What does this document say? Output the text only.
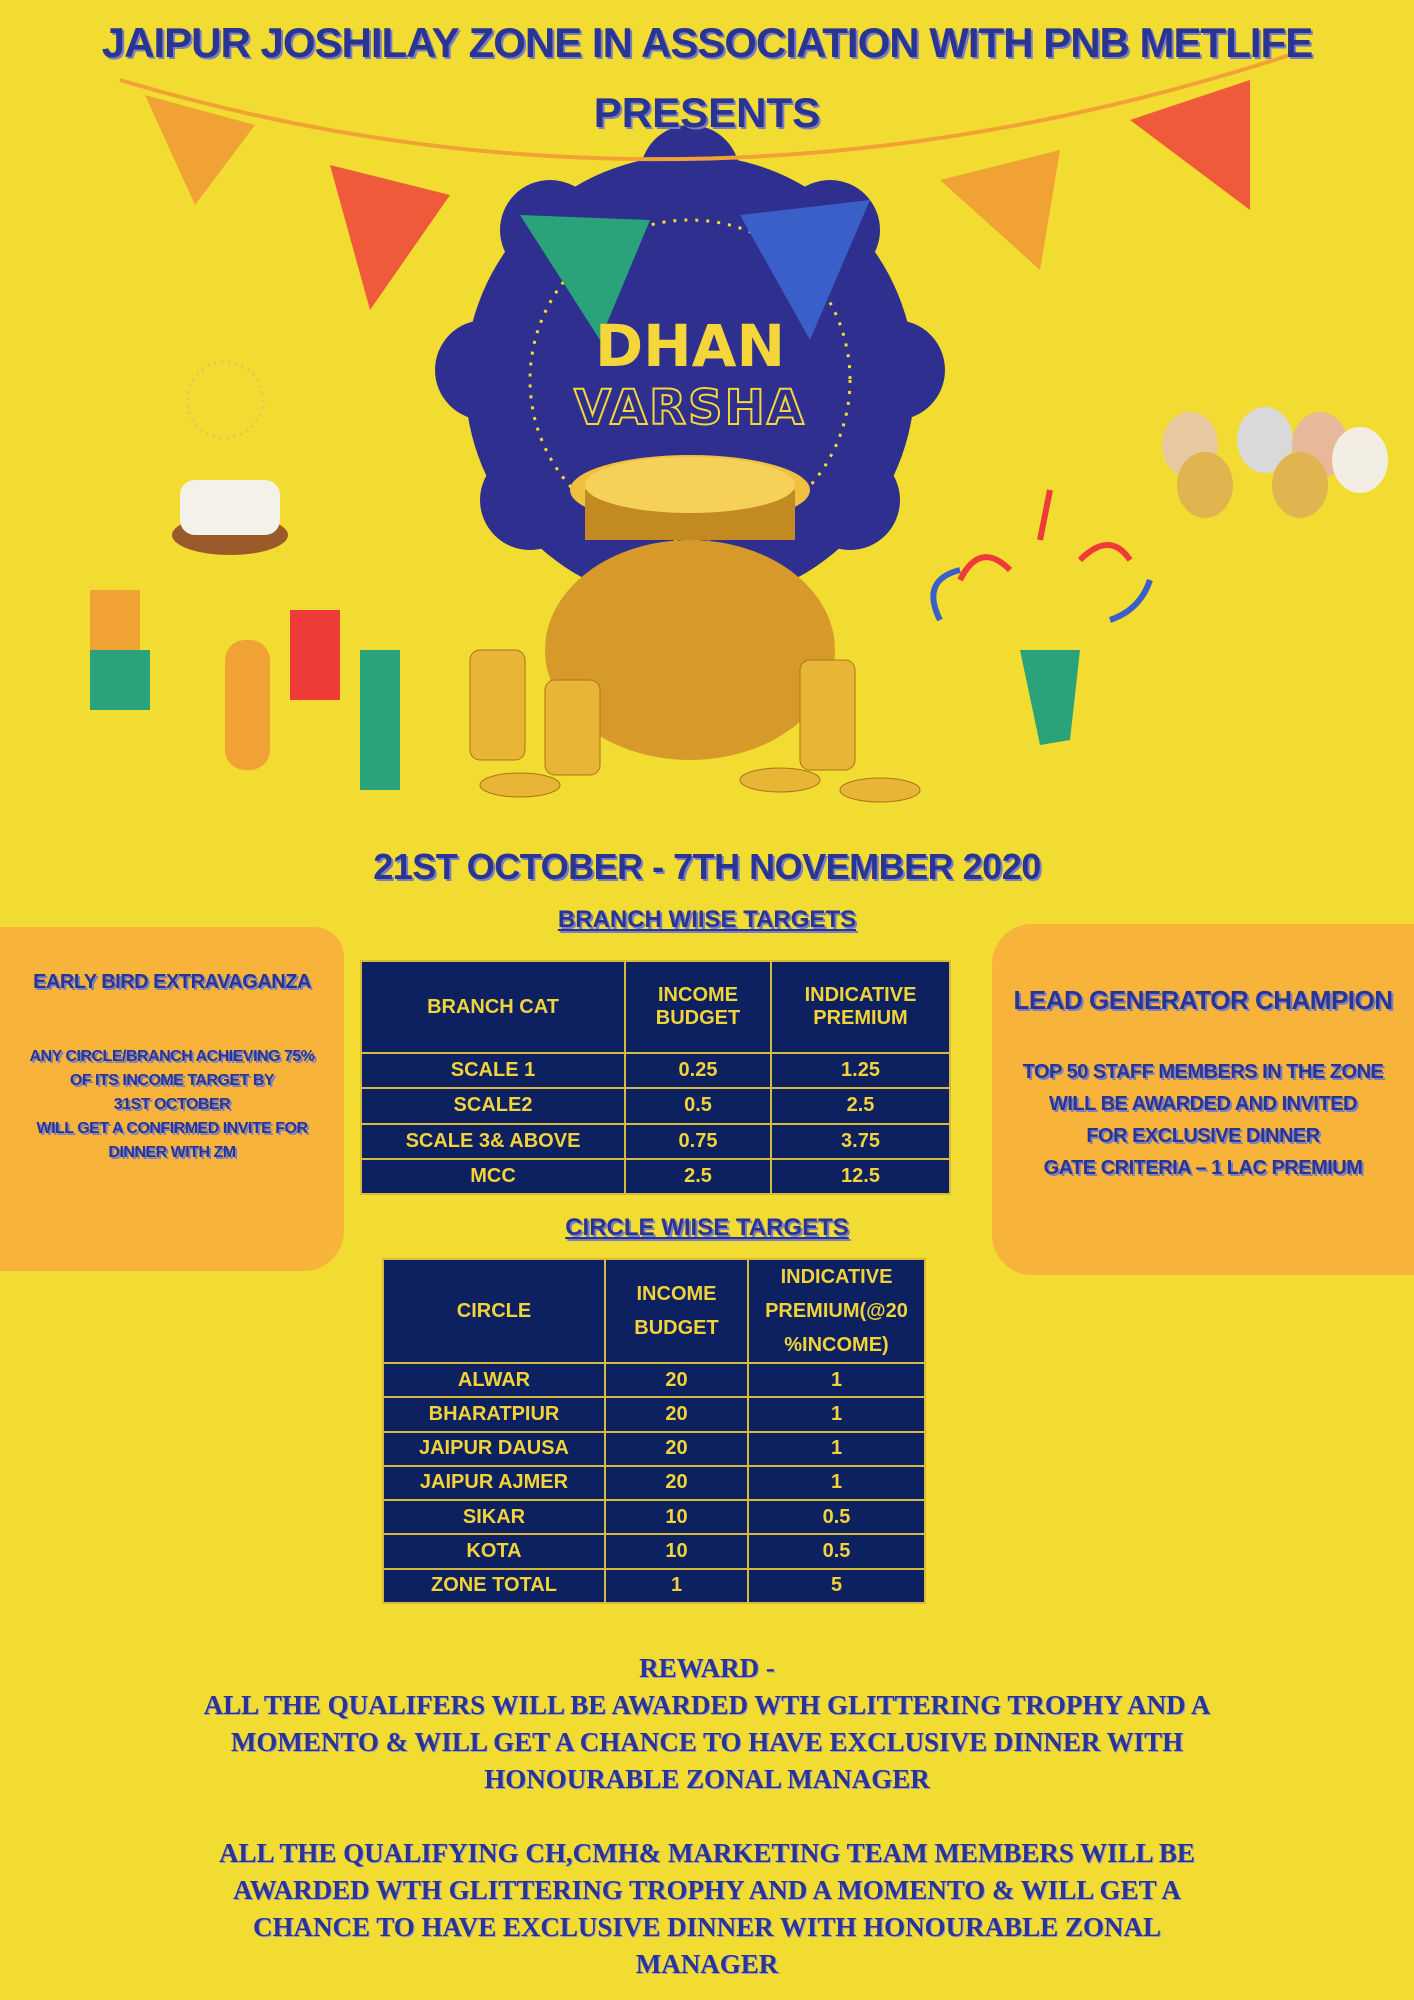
DHAN
VARSHA
JAIPUR JOSHILAY ZONE IN ASSOCIATION WITH PNB METLIFE
PRESENTS
21ST OCTOBER - 7TH NOVEMBER 2020
BRANCH WIISE TARGETS
EARLY BIRD EXTRAVAGANZA
ANY CIRCLE/BRANCH ACHIEVING 75%
OF ITS INCOME TARGET BY
31ST OCTOBER
WILL GET A CONFIRMED INVITE FOR
DINNER WITH ZM
LEAD GENERATOR CHAMPION
TOP 50 STAFF MEMBERS IN THE ZONE
WILL BE AWARDED AND INVITED
FOR EXCLUSIVE DINNER
GATE CRITERIA – 1 LAC PREMIUM
BRANCH CAT	INCOME BUDGET	INDICATIVE PREMIUM
SCALE 1	0.25	1.25
SCALE2	0.5	2.5
SCALE 3& ABOVE	0.75	3.75
MCC	2.5	12.5
CIRCLE WIISE TARGETS
CIRCLE	INCOME BUDGET	INDICATIVE PREMIUM(@20 %INCOME)
ALWAR	20	1
BHARATPIUR	20	1
JAIPUR DAUSA	20	1
JAIPUR AJMER	20	1
SIKAR	10	0.5
KOTA	10	0.5
ZONE TOTAL	1	5
REWARD -
ALL THE QUALIFERS WILL BE AWARDED WTH GLITTERING TROPHY AND A
MOMENTO & WILL GET A CHANCE TO HAVE EXCLUSIVE DINNER WITH
HONOURABLE ZONAL MANAGER
ALL THE QUALIFYING CH,CMH& MARKETING TEAM MEMBERS WILL BE
AWARDED WTH GLITTERING TROPHY AND A MOMENTO & WILL GET A
CHANCE TO HAVE EXCLUSIVE DINNER WITH HONOURABLE ZONAL
MANAGER
